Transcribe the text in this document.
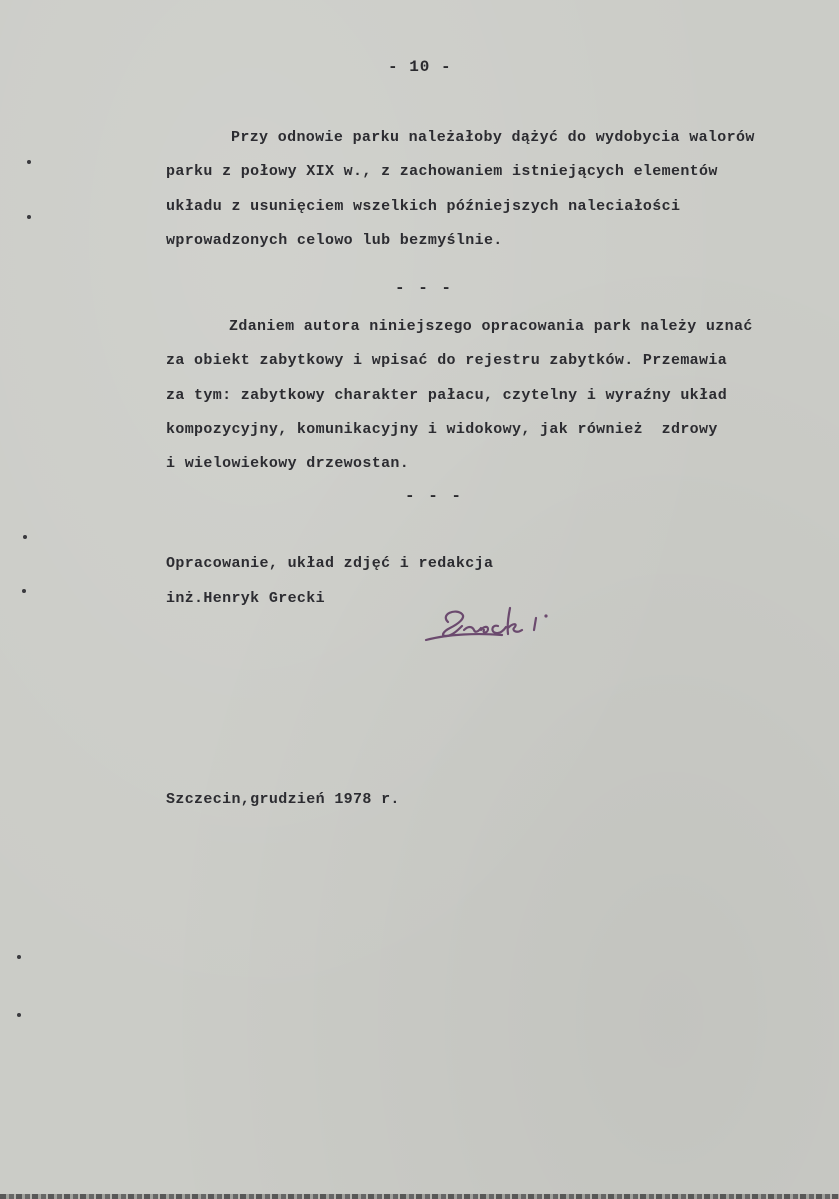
- 10 -
Przy odnowie parku należałoby dążyć do wydobycia walorów
parku z połowy XIX w., z zachowaniem istniejących elementów
układu z usunięciem wszelkich późniejszych naleciałości
wprowadzonych celowo lub bezmyślnie.
- - -
Zdaniem autora niniejszego opracowania park należy uznać
za obiekt zabytkowy i wpisać do rejestru zabytków. Przemawia
za tym: zabytkowy charakter pałacu, czytelny i wyraźny układ
kompozycyjny, komunikacyjny i widokowy, jak również  zdrowy
i wielowiekowy drzewostan.
- - -
Opracowanie, układ zdjęć i redakcja
inż.Henryk Grecki
Szczecin,grudzień 1978 r.
